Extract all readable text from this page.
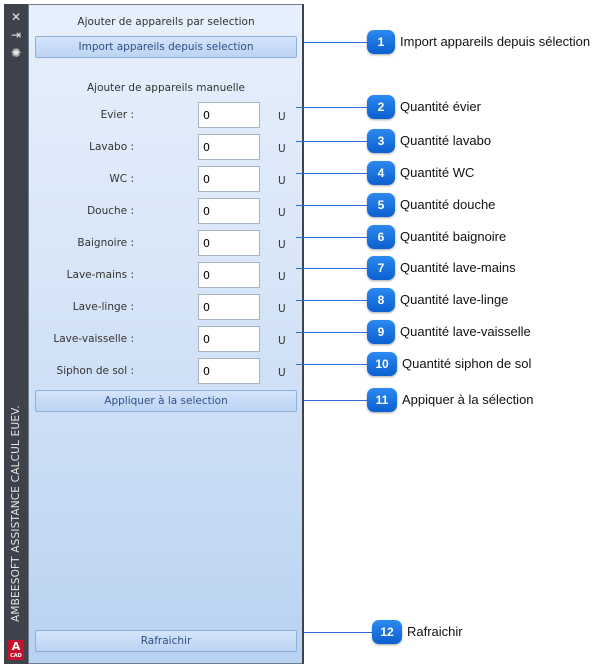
✕
⇥
✺
AMBEESOFT ASSISTANCE CALCUL EUEV.
A
CAD
Ajouter de appareils par selection
Import appareils depuis selection
Ajouter de appareils manuelle
Evier :
0	U
Lavabo :
0	U
WC :
0	U
Douche :
0	U
Baignoire :
0	U
Lave-mains :
0	U
Lave-linge :
0	U
Lave-vaisselle :
0	U
Siphon de sol :
0	U
Appliquer à la selection
Rafraichir
1	Import appareils depuis sélection
2	Quantité évier
3	Quantité lavabo
4	Quantité WC
5	Quantité douche
6	Quantité baignoire
7	Quantité lave-mains
8	Quantité lave-linge
9	Quantité lave-vaisselle
10	Quantité siphon de sol
11	Appiquer à la sélection
12	Rafraichir
